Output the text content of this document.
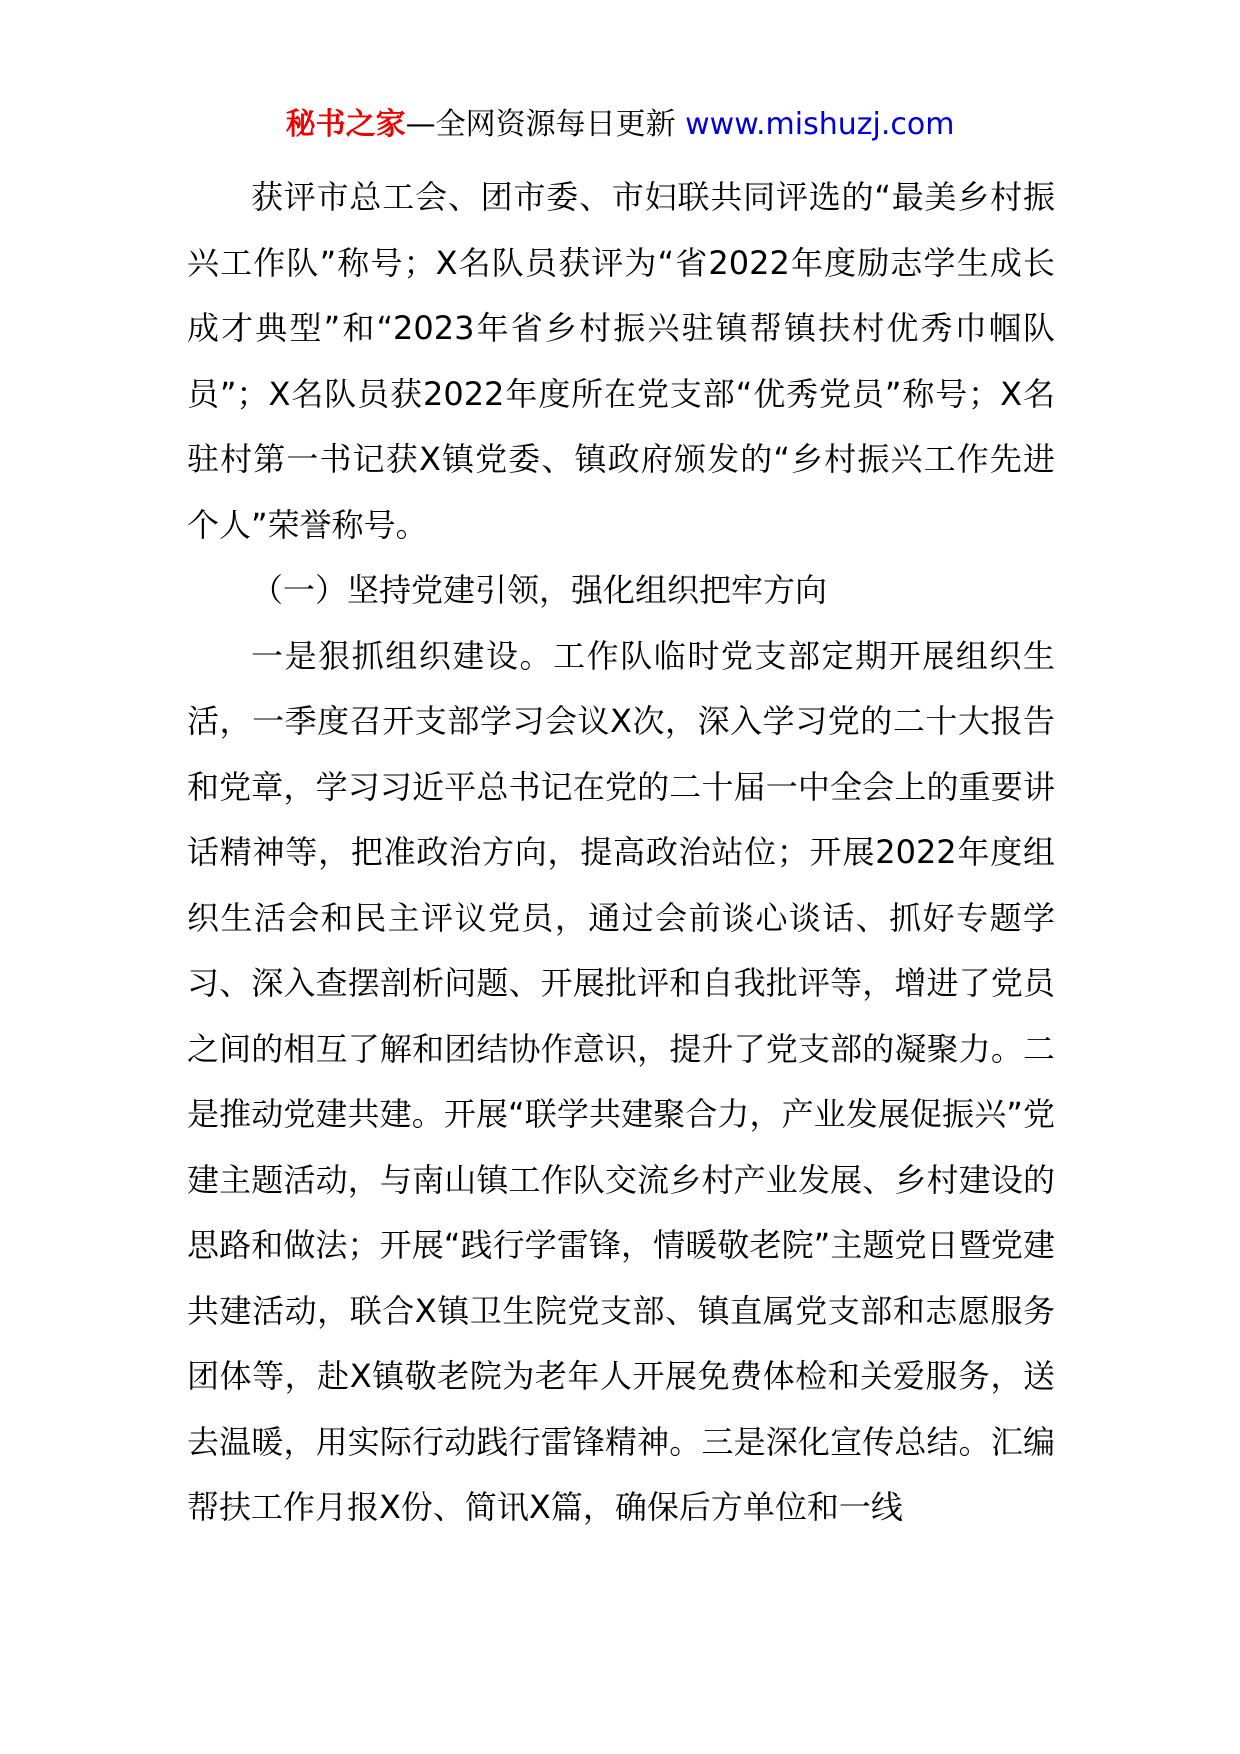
秘书之家—全网资源每日更新 www.mishuzj.com

获评市总工会、团市委、市妇联共同评选的“最美乡村振兴工作队”称号；X名队员获评为“省2022年度励志学生成长成才典型”和“2023年省乡村振兴驻镇帮镇扶村优秀巾帼队员”；X名队员获2022年度所在党支部“优秀党员”称号；X名驻村第一书记获X镇党委、镇政府颁发的“乡村振兴工作先进个人”荣誉称号。

（一）坚持党建引领，强化组织把牢方向

一是狠抓组织建设。工作队临时党支部定期开展组织生活，一季度召开支部学习会议X次，深入学习党的二十大报告和党章，学习习近平总书记在党的二十届一中全会上的重要讲话精神等，把准政治方向，提高政治站位；开展2022年度组织生活会和民主评议党员，通过会前谈心谈话、抓好专题学习、深入查摆剖析问题、开展批评和自我批评等，增进了党员之间的相互了解和团结协作意识，提升了党支部的凝聚力。二是推动党建共建。开展“联学共建聚合力，产业发展促振兴”党建主题活动，与南山镇工作队交流乡村产业发展、乡村建设的思路和做法；开展“践行学雷锋，情暖敬老院”主题党日暨党建共建活动，联合X镇卫生院党支部、镇直属党支部和志愿服务团体等，赴X镇敬老院为老年人开展免费体检和关爱服务，送去温暖，用实际行动践行雷锋精神。三是深化宣传总结。汇编帮扶工作月报X份、简讯X篇，确保后方单位和一线
